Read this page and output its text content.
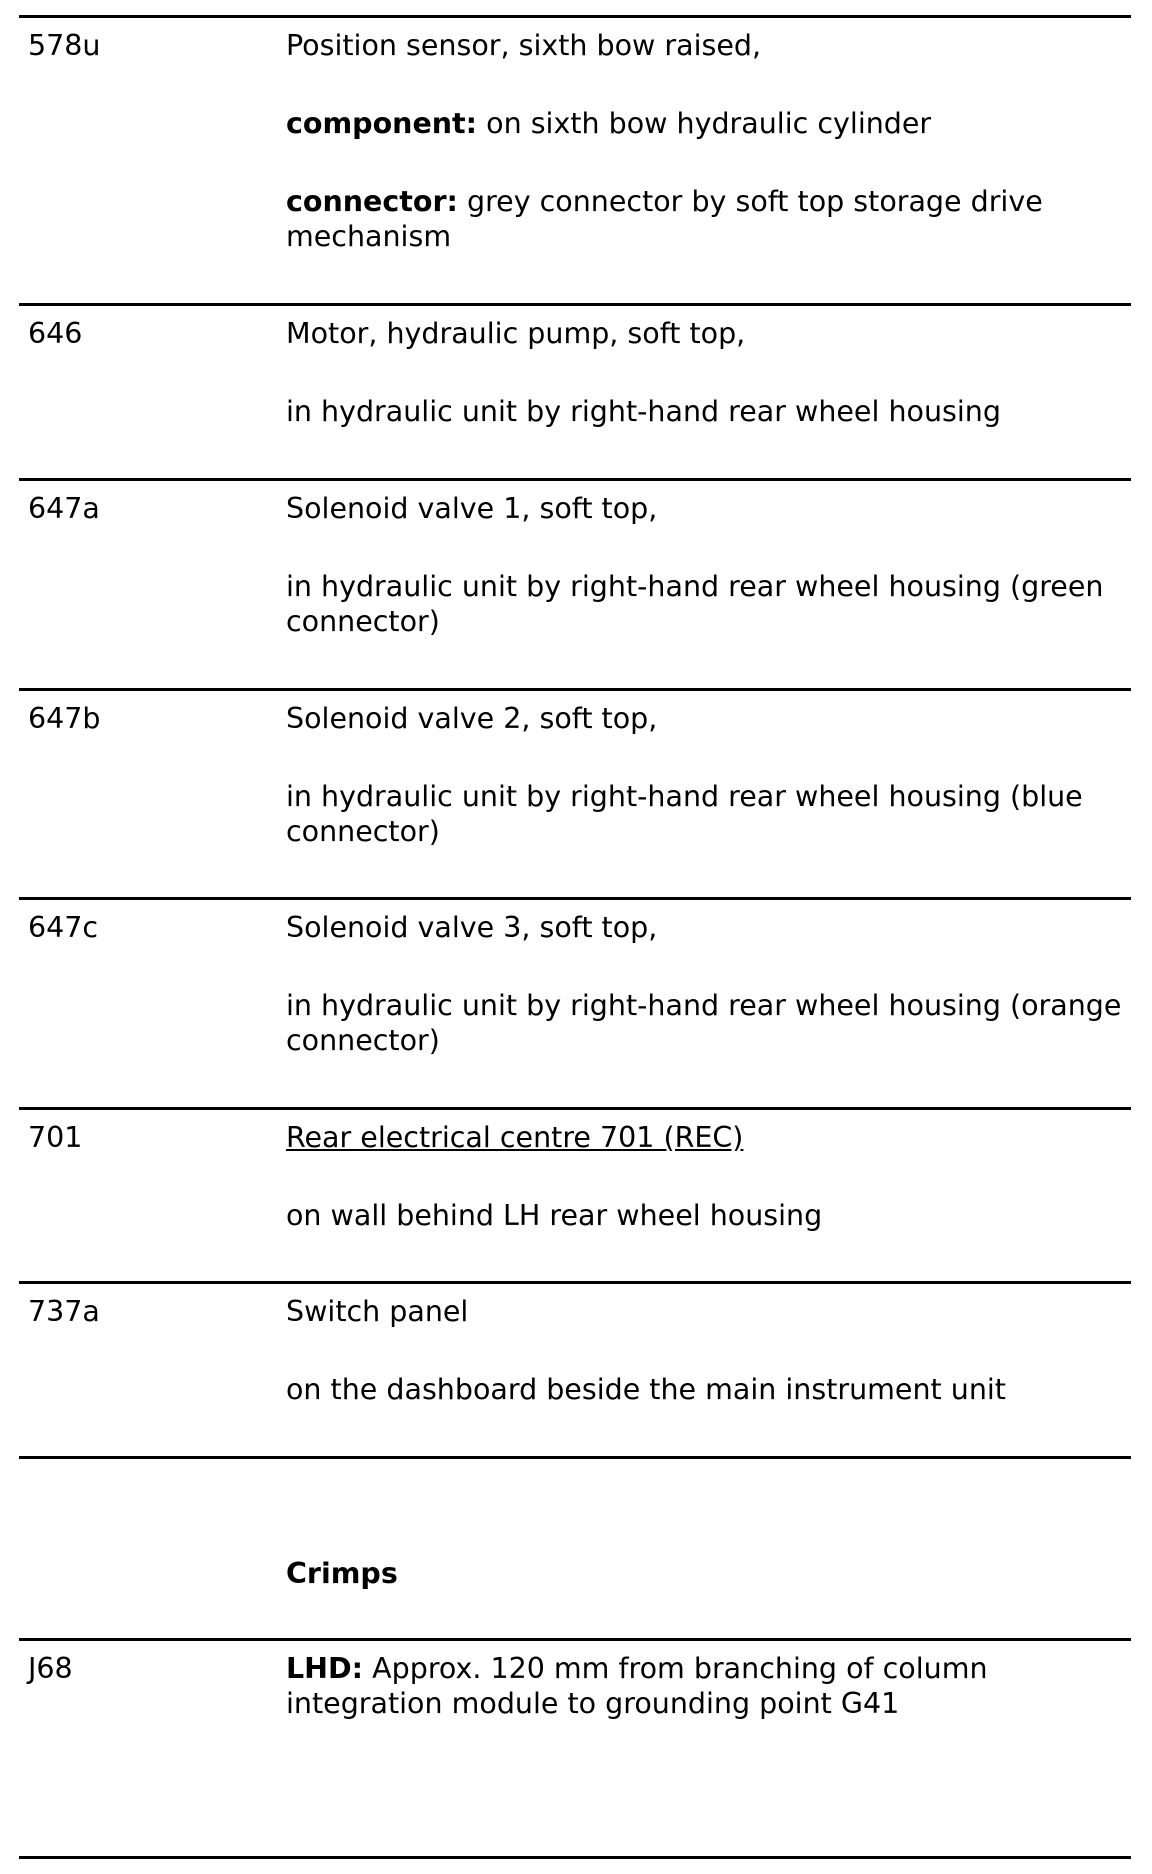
578u	Position sensor, sixth bow raised,

component: on sixth bow hydraulic cylinder

connector: grey connector by soft top storage drive mechanism

646	Motor, hydraulic pump, soft top,

in hydraulic unit by right-hand rear wheel housing

647a	Solenoid valve 1, soft top,

in hydraulic unit by right-hand rear wheel housing (green connector)

647b	Solenoid valve 2, soft top,

in hydraulic unit by right-hand rear wheel housing (blue connector)

647c	Solenoid valve 3, soft top,

in hydraulic unit by right-hand rear wheel housing (orange connector)

701	Rear electrical centre 701 (REC)

on wall behind LH rear wheel housing

737a	Switch panel

on the dashboard beside the main instrument unit

Crimps

J68	LHD: Approx. 120 mm from branching of column integration module to grounding point G41
